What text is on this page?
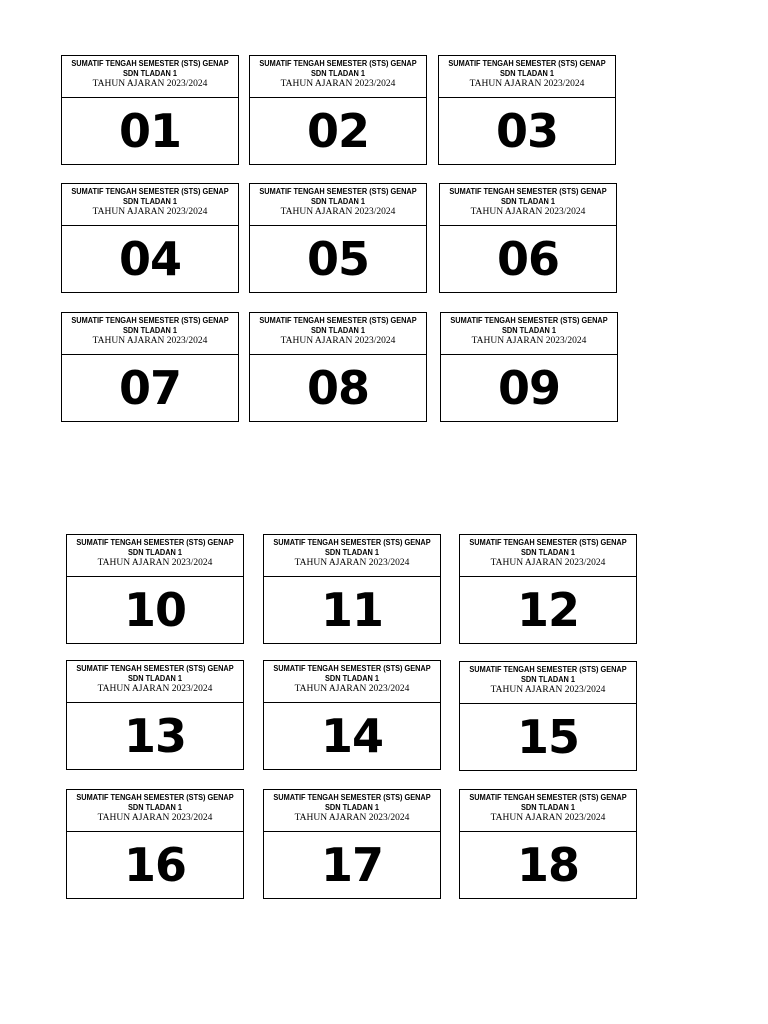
SUMATIF TENGAH SEMESTER (STS) GENAP
SDN TLADAN 1
TAHUN AJARAN 2023/2024
01
SUMATIF TENGAH SEMESTER (STS) GENAP
SDN TLADAN 1
TAHUN AJARAN 2023/2024
02
SUMATIF TENGAH SEMESTER (STS) GENAP
SDN TLADAN 1
TAHUN AJARAN 2023/2024
03
SUMATIF TENGAH SEMESTER (STS) GENAP
SDN TLADAN 1
TAHUN AJARAN 2023/2024
04
SUMATIF TENGAH SEMESTER (STS) GENAP
SDN TLADAN 1
TAHUN AJARAN 2023/2024
05
SUMATIF TENGAH SEMESTER (STS) GENAP
SDN TLADAN 1
TAHUN AJARAN 2023/2024
06
SUMATIF TENGAH SEMESTER (STS) GENAP
SDN TLADAN 1
TAHUN AJARAN 2023/2024
07
SUMATIF TENGAH SEMESTER (STS) GENAP
SDN TLADAN 1
TAHUN AJARAN 2023/2024
08
SUMATIF TENGAH SEMESTER (STS) GENAP
SDN TLADAN 1
TAHUN AJARAN 2023/2024
09
SUMATIF TENGAH SEMESTER (STS) GENAP
SDN TLADAN 1
TAHUN AJARAN 2023/2024
10
SUMATIF TENGAH SEMESTER (STS) GENAP
SDN TLADAN 1
TAHUN AJARAN 2023/2024
11
SUMATIF TENGAH SEMESTER (STS) GENAP
SDN TLADAN 1
TAHUN AJARAN 2023/2024
12
SUMATIF TENGAH SEMESTER (STS) GENAP
SDN TLADAN 1
TAHUN AJARAN 2023/2024
13
SUMATIF TENGAH SEMESTER (STS) GENAP
SDN TLADAN 1
TAHUN AJARAN 2023/2024
14
SUMATIF TENGAH SEMESTER (STS) GENAP
SDN TLADAN 1
TAHUN AJARAN 2023/2024
15
SUMATIF TENGAH SEMESTER (STS) GENAP
SDN TLADAN 1
TAHUN AJARAN 2023/2024
16
SUMATIF TENGAH SEMESTER (STS) GENAP
SDN TLADAN 1
TAHUN AJARAN 2023/2024
17
SUMATIF TENGAH SEMESTER (STS) GENAP
SDN TLADAN 1
TAHUN AJARAN 2023/2024
18
